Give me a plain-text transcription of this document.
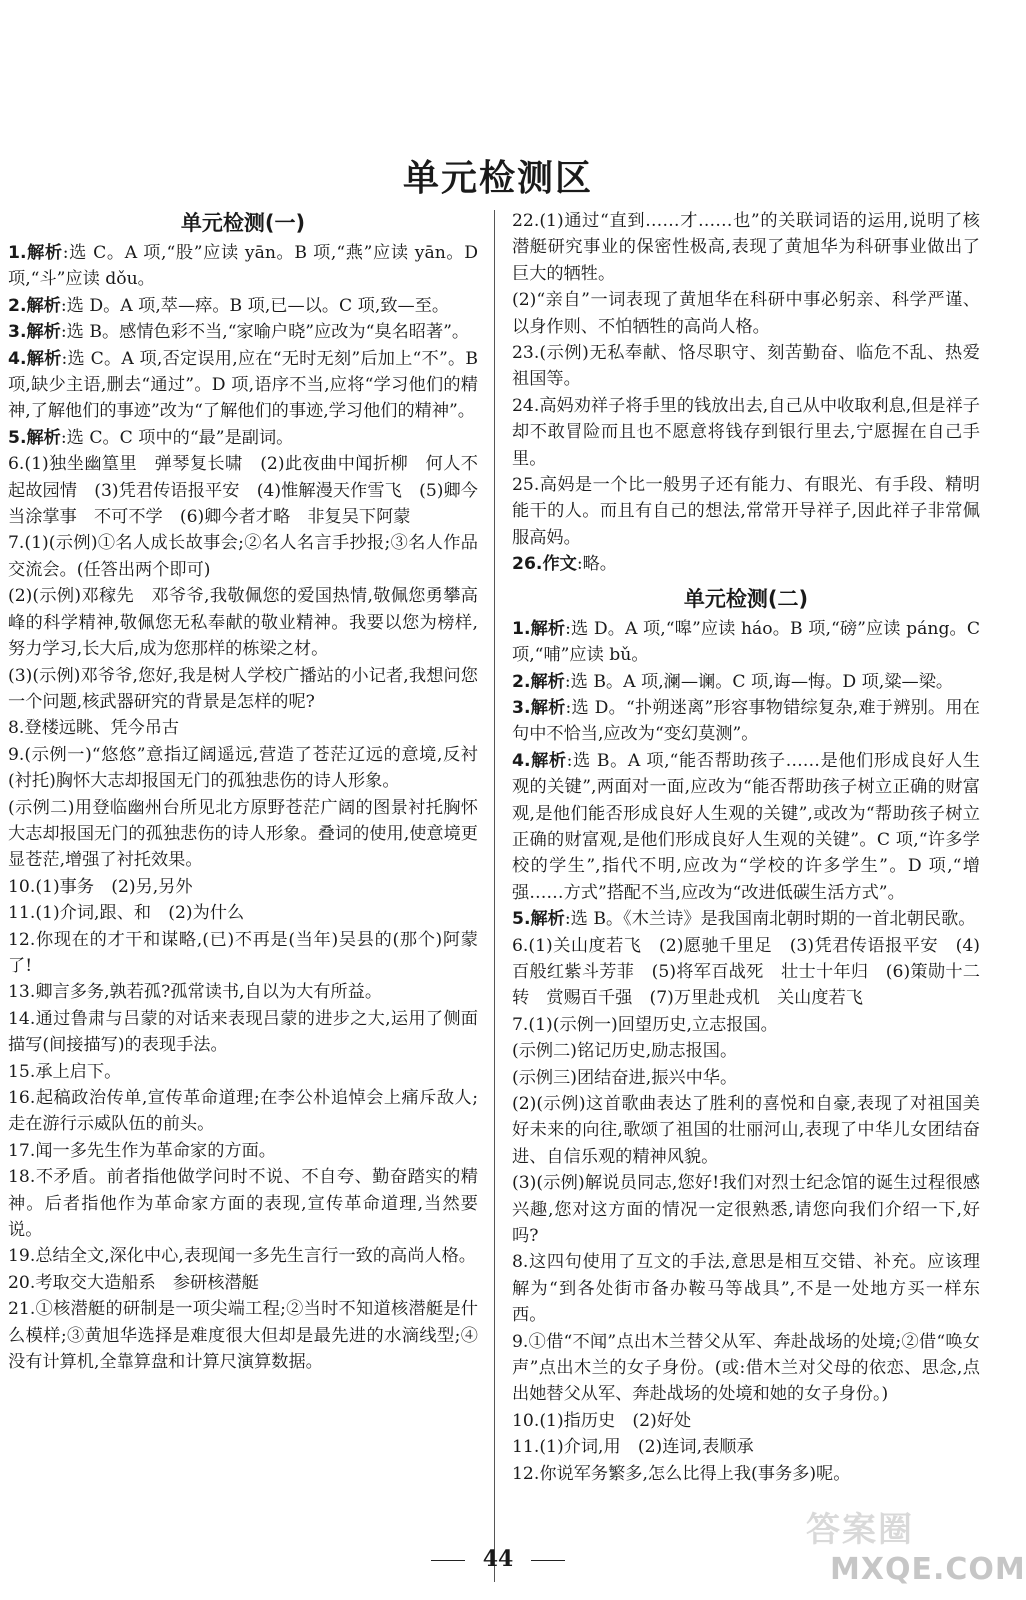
单元检测区
单元检测(一)

1.解析:选 C。A 项,“股”应读 yān。B 项,“燕”应读 yān。D 项,“斗”应读 dǒu。

2.解析:选 D。A 项,萃—瘁。B 项,已—以。C 项,致—至。

3.解析:选 B。感情色彩不当,“家喻户晓”应改为“臭名昭著”。

4.解析:选 C。A 项,否定误用,应在“无时无刻”后加上“不”。B 项,缺少主语,删去“通过”。D 项,语序不当,应将“学习他们的精神,了解他们的事迹”改为“了解他们的事迹,学习他们的精神”。

5.解析:选 C。C 项中的“最”是副词。

6.(1)独坐幽篁里　弹琴复长啸　(2)此夜曲中闻折柳　何人不起故园情　(3)凭君传语报平安　(4)惟解漫天作雪飞　(5)卿今当涂掌事　不可不学　(6)卿今者才略　非复吴下阿蒙

7.(1)(示例)①名人成长故事会;②名人名言手抄报;③名人作品交流会。(任答出两个即可)

(2)(示例)邓稼先　邓爷爷,我敬佩您的爱国热情,敬佩您勇攀高峰的科学精神,敬佩您无私奉献的敬业精神。我要以您为榜样,努力学习,长大后,成为您那样的栋梁之材。

(3)(示例)邓爷爷,您好,我是树人学校广播站的小记者,我想问您一个问题,核武器研究的背景是怎样的呢?

8.登楼远眺、凭今吊古

9.(示例一)“悠悠”意指辽阔遥远,营造了苍茫辽远的意境,反衬(衬托)胸怀大志却报国无门的孤独悲伤的诗人形象。

(示例二)用登临幽州台所见北方原野苍茫广阔的图景衬托胸怀大志却报国无门的孤独悲伤的诗人形象。叠词的使用,使意境更显苍茫,增强了衬托效果。

10.(1)事务　(2)另,另外

11.(1)介词,跟、和　(2)为什么

12.你现在的才干和谋略,(已)不再是(当年)吴县的(那个)阿蒙了!

13.卿言多务,孰若孤?孤常读书,自以为大有所益。

14.通过鲁肃与吕蒙的对话来表现吕蒙的进步之大,运用了侧面描写(间接描写)的表现手法。

15.承上启下。

16.起稿政治传单,宣传革命道理;在李公朴追悼会上痛斥敌人;走在游行示威队伍的前头。

17.闻一多先生作为革命家的方面。

18.不矛盾。前者指他做学问时不说、不自夸、勤奋踏实的精神。后者指他作为革命家方面的表现,宣传革命道理,当然要说。

19.总结全文,深化中心,表现闻一多先生言行一致的高尚人格。

20.考取交大造船系　参研核潜艇

21.①核潜艇的研制是一项尖端工程;②当时不知道核潜艇是什么模样;③黄旭华选择是难度很大但却是最先进的水滴线型;④没有计算机,全靠算盘和计算尺演算数据。

22.(1)通过“直到……才……也”的关联词语的运用,说明了核潜艇研究事业的保密性极高,表现了黄旭华为科研事业做出了巨大的牺牲。

(2)“亲自”一词表现了黄旭华在科研中事必躬亲、科学严谨、以身作则、不怕牺牲的高尚人格。

23.(示例)无私奉献、恪尽职守、刻苦勤奋、临危不乱、热爱祖国等。

24.高妈劝祥子将手里的钱放出去,自己从中收取利息,但是祥子却不敢冒险而且也不愿意将钱存到银行里去,宁愿握在自己手里。

25.高妈是一个比一般男子还有能力、有眼光、有手段、精明能干的人。而且有自己的想法,常常开导祥子,因此祥子非常佩服高妈。

26.作文:略。

单元检测(二)

1.解析:选 D。A 项,“嗥”应读 háo。B 项,“磅”应读 páng。C 项,“哺”应读 bǔ。

2.解析:选 B。A 项,澜—谰。C 项,诲—悔。D 项,粱—梁。

3.解析:选 D。“扑朔迷离”形容事物错综复杂,难于辨别。用在句中不恰当,应改为“变幻莫测”。

4.解析:选 B。A 项,“能否帮助孩子……是他们形成良好人生观的关键”,两面对一面,应改为“能否帮助孩子树立正确的财富观,是他们能否形成良好人生观的关键”,或改为“帮助孩子树立正确的财富观,是他们形成良好人生观的关键”。C 项,“许多学校的学生”,指代不明,应改为“学校的许多学生”。D 项,“增强……方式”搭配不当,应改为“改进低碳生活方式”。

5.解析:选 B。《木兰诗》是我国南北朝时期的一首北朝民歌。

6.(1)关山度若飞　(2)愿驰千里足　(3)凭君传语报平安　(4)百般红紫斗芳菲　(5)将军百战死　壮士十年归　(6)策勋十二转　赏赐百千强　(7)万里赴戎机　关山度若飞

7.(1)(示例一)回望历史,立志报国。

(示例二)铭记历史,励志报国。

(示例三)团结奋进,振兴中华。

(2)(示例)这首歌曲表达了胜利的喜悦和自豪,表现了对祖国美好未来的向往,歌颂了祖国的壮丽河山,表现了中华儿女团结奋进、自信乐观的精神风貌。

(3)(示例)解说员同志,您好!我们对烈士纪念馆的诞生过程很感兴趣,您对这方面的情况一定很熟悉,请您向我们介绍一下,好吗?

8.这四句使用了互文的手法,意思是相互交错、补充。应该理解为“到各处街市备办鞍马等战具”,不是一处地方买一样东西。

9.①借“不闻”点出木兰替父从军、奔赴战场的处境;②借“唤女声”点出木兰的女子身份。(或:借木兰对父母的依恋、思念,点出她替父从军、奔赴战场的处境和她的女子身份。)

10.(1)指历史　(2)好处

11.(1)介词,用　(2)连词,表顺承

12.你说军务繁多,怎么比得上我(事务多)呢。

44
答案圈
MXQE.COM
